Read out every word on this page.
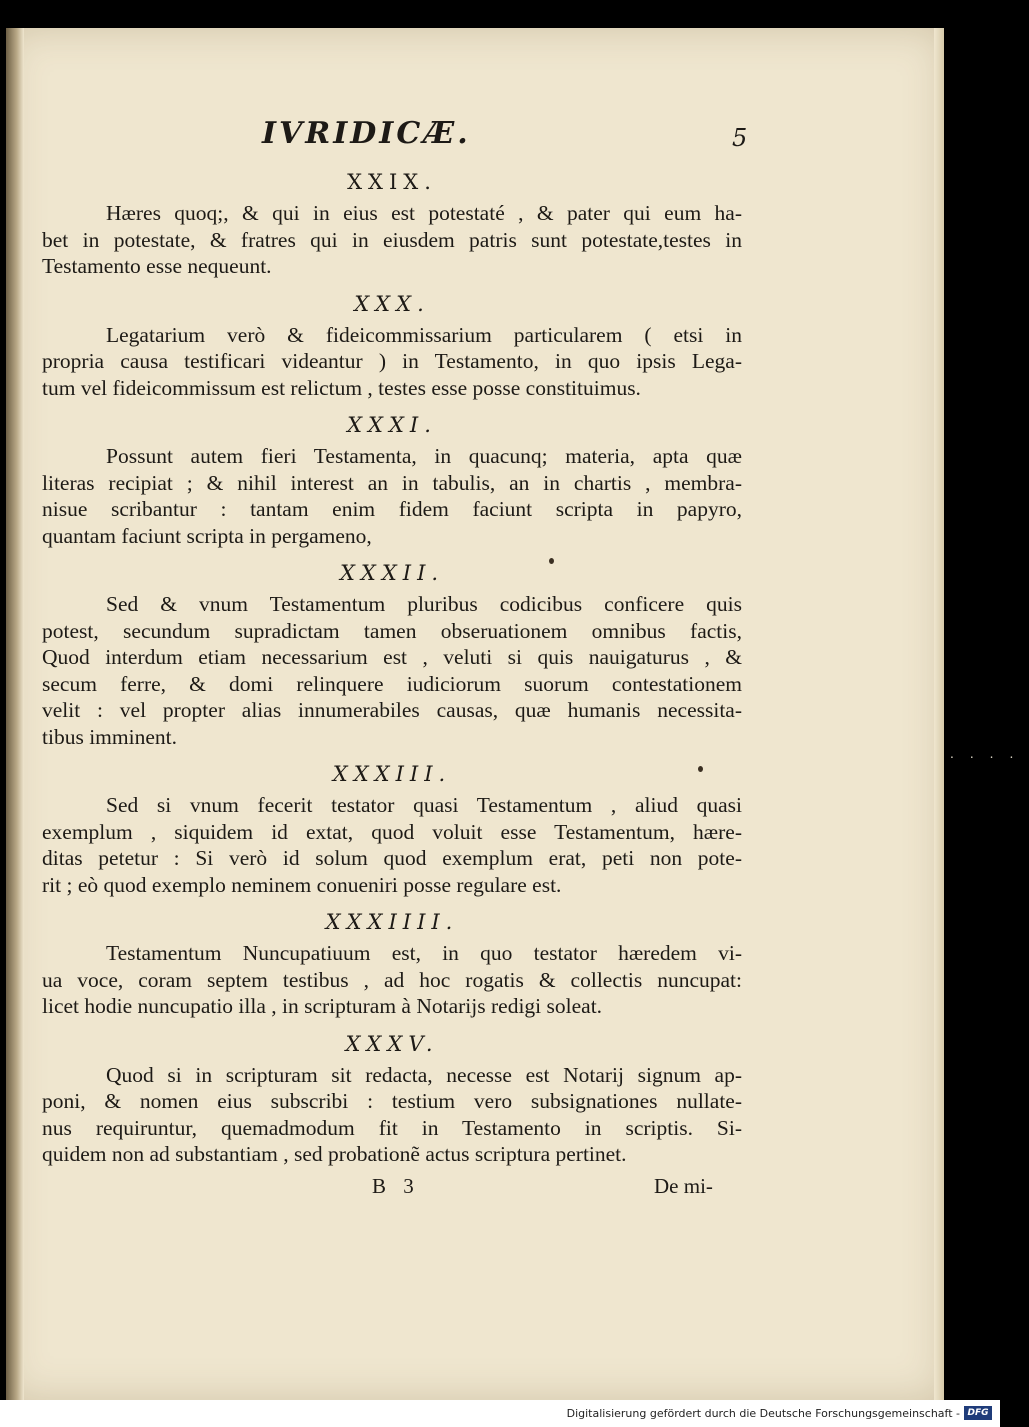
IVRIDICÆ.	5
XXIX.
Hæres quoq;, & qui in eius est potestaté , & pater qui eum ha-
bet in potestate, & fratres qui in eiusdem patris sunt potestate,testes in
Testamento esse nequeunt.
XXX.
Legatarium verò & fideicommissarium particularem ( etsi in
propria causa testificari videantur ) in Testamento, in quo ipsis Lega-
tum vel fideicommissum est relictum , testes esse posse constituimus.
XXXI.
Possunt autem fieri Testamenta, in quacunq; materia, apta quæ
literas recipiat ; & nihil interest an in tabulis, an in chartis , membra-
nisue scribantur : tantam enim fidem faciunt scripta in papyro,
quantam faciunt scripta in pergameno,
XXXII.
Sed & vnum Testamentum pluribus codicibus conficere quis
potest, secundum supradictam tamen obseruationem omnibus factis,
Quod interdum etiam necessarium est , veluti si quis nauigaturus , &
secum ferre, & domi relinquere iudiciorum suorum contestationem
velit : vel propter alias innumerabiles causas, quæ humanis necessita-
tibus imminent.
XXXIII.
Sed si vnum fecerit testator quasi Testamentum , aliud quasi
exemplum , siquidem id extat, quod voluit esse Testamentum, hære-
ditas petetur : Si verò id solum quod exemplum erat, peti non pote-
rit ; eò quod exemplo neminem conueniri posse regulare est.
XXXIIII.
Testamentum Nuncupatiuum est, in quo testator hæredem vi-
ua voce, coram septem testibus , ad hoc rogatis & collectis nuncupat:
licet hodie nuncupatio illa , in scripturam à Notarijs redigi soleat.
XXXV.
Quod si in scripturam sit redacta, necesse est Notarij signum ap-
poni, & nomen eius subscribi : testium vero subsignationes nullate-
nus requiruntur, quemadmodum fit in Testamento in scriptis. Si-
quidem non ad substantiam , sed probationẽ actus scriptura pertinet.
B 3	De mi-
....
Digitalisierung gefördert durch die Deutsche Forschungsgemeinschaft - DFG
